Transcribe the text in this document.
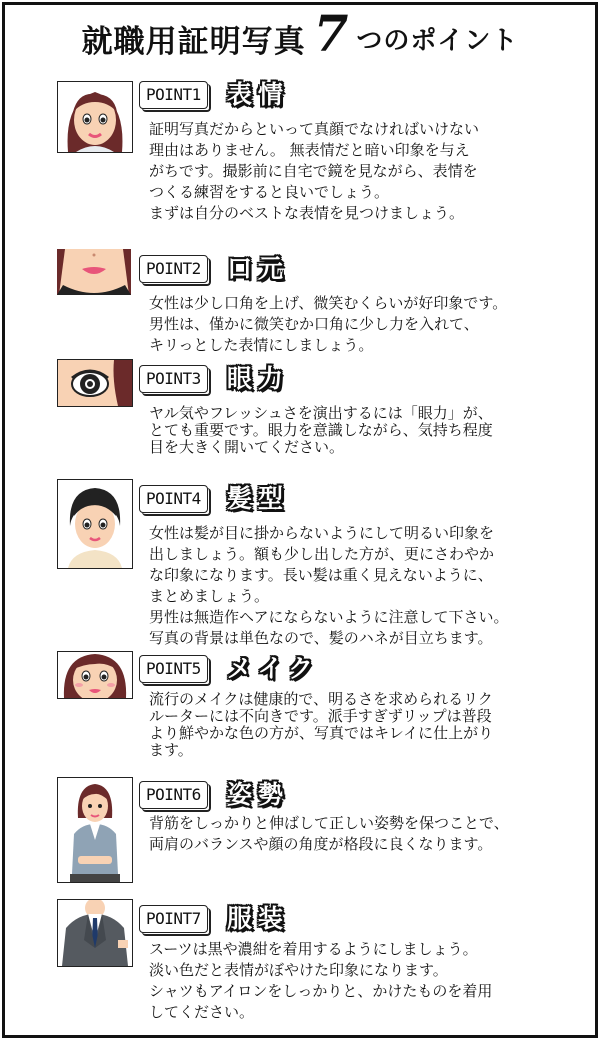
就職用証明写真 7 つのポイント
POINT1 表情
証明写真だからといって真顔でなければいけない
理由はありません。 無表情だと暗い印象を与え
がちです。撮影前に自宅で鏡を見ながら、表情を
つくる練習をすると良いでしょう。
まずは自分のベストな表情を見つけましょう。
POINT2 口元
女性は少し口角を上げ、微笑むくらいが好印象です。
男性は、僅かに微笑むか口角に少し力を入れて、
キリっとした表情にしましょう。
POINT3 眼力
ヤル気やフレッシュさを演出するには「眼力」が、
とても重要です。眼力を意識しながら、気持ち程度
目を大きく開いてください。
POINT4 髪型
女性は髪が目に掛からないようにして明るい印象を
出しましょう。額も少し出した方が、更にさわやか
な印象になります。長い髪は重く見えないように、
まとめましょう。
男性は無造作ヘアにならないように注意して下さい。
写真の背景は単色なので、髪のハネが目立ちます。
POINT5 メイク
流行のメイクは健康的で、明るさを求められるリク
ルーターには不向きです。派手すぎずリップは普段
より鮮やかな色の方が、写真ではキレイに仕上がり
ます。
POINT6 姿勢
背筋をしっかりと伸ばして正しい姿勢を保つことで、
両肩のバランスや顔の角度が格段に良くなります。
POINT7 服装
スーツは黒や濃紺を着用するようにしましょう。
淡い色だと表情がぼやけた印象になります。
シャツもアイロンをしっかりと、かけたものを着用
してください。
